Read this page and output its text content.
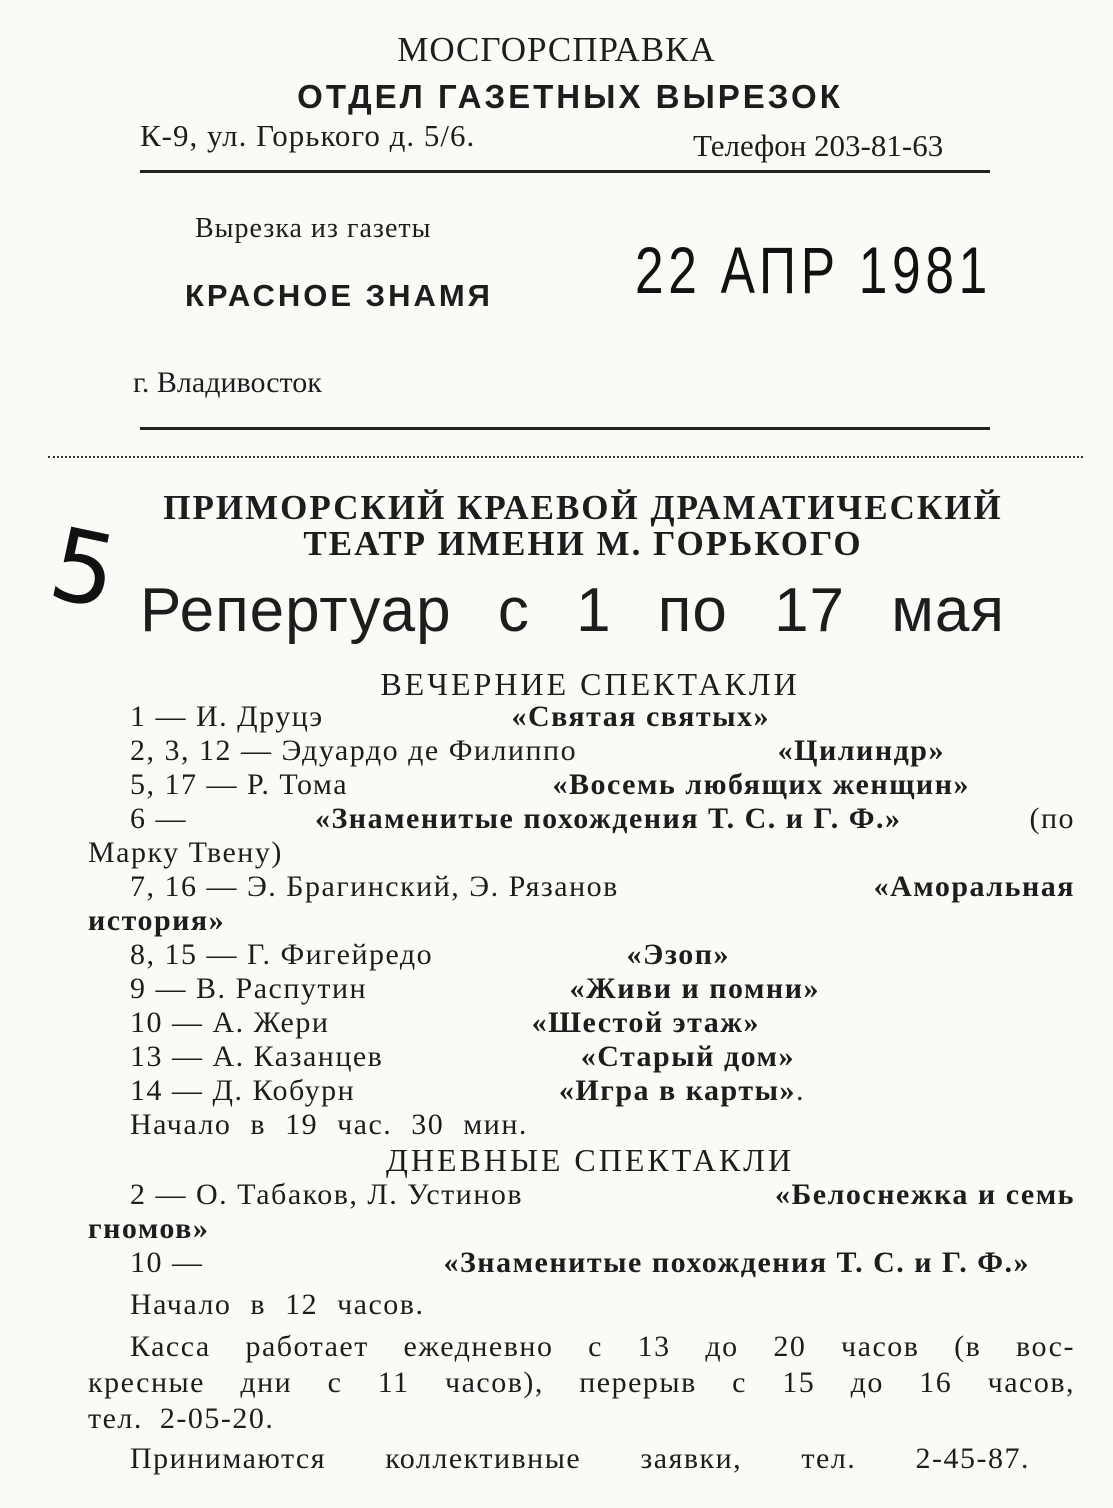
МОСГОРСПРАВКА
ОТДЕЛ ГАЗЕТНЫХ ВЫРЕЗОК
К-9, ул. Горького д. 5/6.	Телефон 203-81-63
Вырезка из газеты
КРАСНОЕ ЗНАМЯ 22 АПР 1981
г. Владивосток
5	ПРИМОРСКИЙ КРАЕВОЙ ДРАМАТИЧЕСКИЙ
ТЕАТР ИМЕНИ М. ГОРЬКОГО
Репертуар с 1 по 17 мая
ВЕЧЕРНИЕ СПЕКТАКЛИ
1 — И. Друцэ	«Святая святых»
2, 3, 12 — Эдуардо де Филиппо	«Цилиндр»
5, 17 — Р. Тома	«Восемь любящих женщин»
6 —	«Знаменитые похождения Т. С. и Г. Ф.»	(по
Марку Твену)
7, 16 — Э. Брагинский, Э. Рязанов	«Аморальная
история»
8, 15 — Г. Фигейредо	«Эзоп»
9 — В. Распутин	«Живи и помни»
10 — А. Жери	«Шестой этаж»
13 — А. Казанцев	«Старый дом»
14 — Д. Кобурн	«Игра в карты».
Начало в 19 час. 30 мин.
ДНЕВНЫЕ СПЕКТАКЛИ
2 — О. Табаков, Л. Устинов	«Белоснежка и семь
гномов»
10 —	«Знаменитые похождения Т. С. и Г. Ф.»
Начало в 12 часов.
Касса работает ежедневно с 13 до 20 часов (в вос-
кресные дни с 11 часов), перерыв с 15 до 16 часов,
тел. 2-05-20.
Принимаются коллективные заявки, тел. 2-45-87.
